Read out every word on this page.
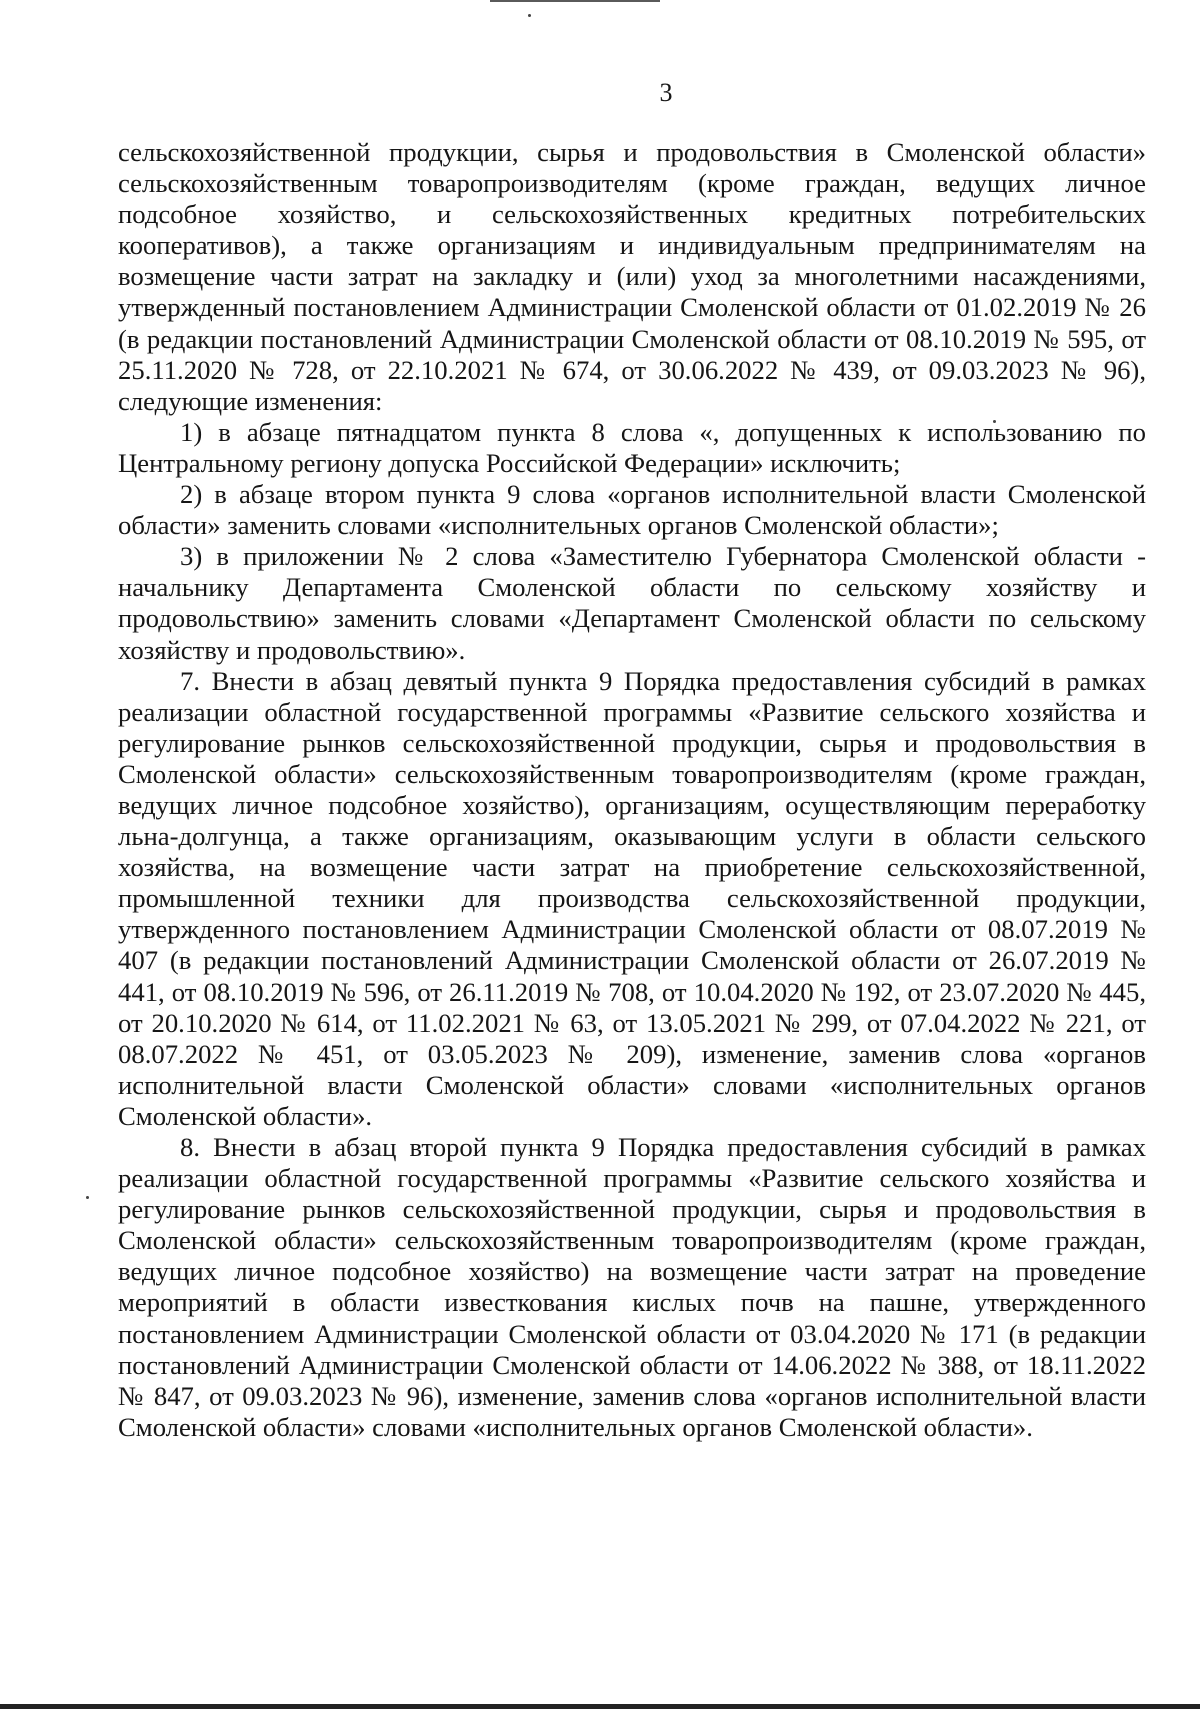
3

сельскохозяйственной продукции, сырья и продовольствия в Смоленской области» сельскохозяйственным товаропроизводителям (кроме граждан, ведущих личное подсобное хозяйство, и сельскохозяйственных кредитных потребительских кооперативов), а также организациям и индивидуальным предпринимателям на возмещение части затрат на закладку и (или) уход за многолетними насаждениями, утвержденный постановлением Администрации Смоленской области от 01.02.2019 № 26 (в редакции постановлений Администрации Смоленской области от 08.10.2019 № 595, от 25.11.2020 № 728, от 22.10.2021 № 674, от 30.06.2022 № 439, от 09.03.2023 № 96), следующие изменения:

1) в абзаце пятнадцатом пункта 8 слова «, допущенных к использованию по Центральному региону допуска Российской Федерации» исключить;

2) в абзаце втором пункта 9 слова «органов исполнительной власти Смоленской области» заменить словами «исполнительных органов Смоленской области»;

3) в приложении № 2 слова «Заместителю Губернатора Смоленской области - начальнику Департамента Смоленской области по сельскому хозяйству и продовольствию» заменить словами «Департамент Смоленской области по сельскому хозяйству и продовольствию».

7. Внести в абзац девятый пункта 9 Порядка предоставления субсидий в рамках реализации областной государственной программы «Развитие сельского хозяйства и регулирование рынков сельскохозяйственной продукции, сырья и продовольствия в Смоленской области» сельскохозяйственным товаропроизводителям (кроме граждан, ведущих личное подсобное хозяйство), организациям, осуществляющим переработку льна-долгунца, а также организациям, оказывающим услуги в области сельского хозяйства, на возмещение части затрат на приобретение сельскохозяйственной, промышленной техники для производства сельскохозяйственной продукции, утвержденного постановлением Администрации Смоленской области от 08.07.2019 № 407 (в редакции постановлений Администрации Смоленской области от 26.07.2019 № 441, от 08.10.2019 № 596, от 26.11.2019 № 708, от 10.04.2020 № 192, от 23.07.2020 № 445, от 20.10.2020 № 614, от 11.02.2021 № 63, от 13.05.2021 № 299, от 07.04.2022 № 221, от 08.07.2022 № 451, от 03.05.2023 № 209), изменение, заменив слова «органов исполнительной власти Смоленской области» словами «исполнительных органов Смоленской области».

8. Внести в абзац второй пункта 9 Порядка предоставления субсидий в рамках реализации областной государственной программы «Развитие сельского хозяйства и регулирование рынков сельскохозяйственной продукции, сырья и продовольствия в Смоленской области» сельскохозяйственным товаропроизводителям (кроме граждан, ведущих личное подсобное хозяйство) на возмещение части затрат на проведение мероприятий в области известкования кислых почв на пашне, утвержденного постановлением Администрации Смоленской области от 03.04.2020 № 171 (в редакции постановлений Администрации Смоленской области от 14.06.2022 № 388, от 18.11.2022 № 847, от 09.03.2023 № 96), изменение, заменив слова «органов исполнительной власти Смоленской области» словами «исполнительных органов Смоленской области».
